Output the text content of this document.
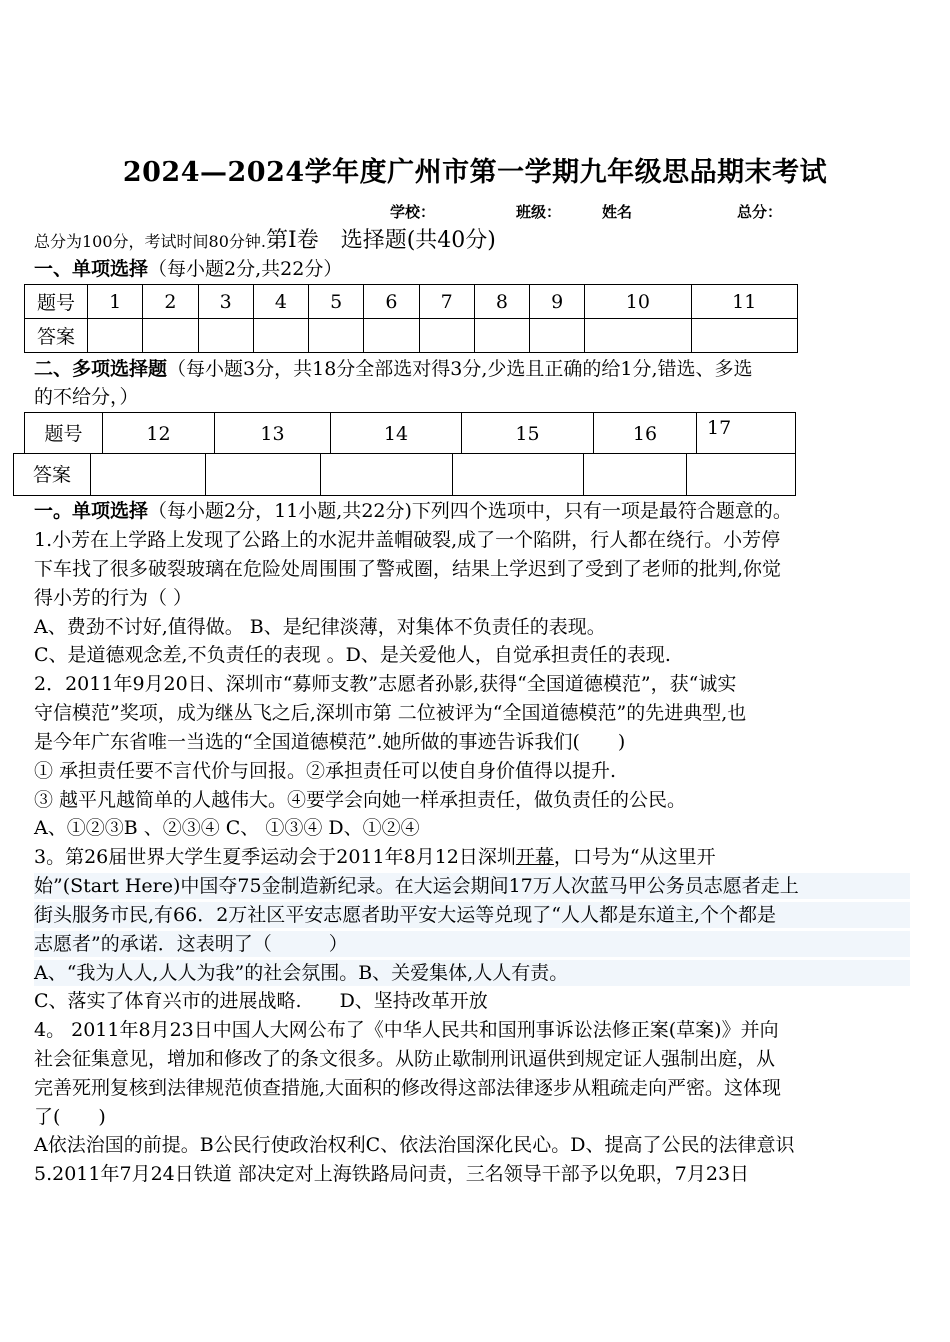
2024—2024学年度广州市第一学期九年级思品期末考试
学校：	班级：	姓名	总分：
总分为100分，考试时间80分钟.第Ⅰ卷　选择题(共40分)
一、单项选择（每小题2分,共22分）
题号	1	2	3	4	5	6	7	8	9	10	11
答案											
二、多项选择题（每小题3分，共18分全部选对得3分,少选且正确的给1分,错选、多选
的不给分，）
题号	12	13	14	15	16	17
答案
一。单项选择（每小题2分，11小题,共22分)下列四个选项中，只有一项是最符合题意的。
1.小芳在上学路上发现了公路上的水泥井盖帽破裂,成了一个陷阱，行人都在绕行。小芳停
下车找了很多破裂玻璃在危险处周围围了警戒圈，结果上学迟到了受到了老师的批判,你觉
得小芳的行为（ ）
A、费劲不讨好,值得做。 B、是纪律淡薄，对集体不负责任的表现。
C、是道德观念差,不负责任的表现 。D、是关爱他人，自觉承担责任的表现.
2．2011年9月20日、深圳市“募师支教”志愿者孙影,获得“全国道德模范”，获“诚实
守信模范”奖项，成为继丛飞之后,深圳市第 二位被评为“全国道德模范”的先进典型,也
是今年广东省唯一当选的“全国道德模范”.她所做的事迹告诉我们(　　)
① 承担责任要不言代价与回报。②承担责任可以使自身价值得以提升.
③ 越平凡越简单的人越伟大。④要学会向她一样承担责任，做负责任的公民。
A、①②③B 、②③④ C、 ①③④ D、①②④
3。第26届世界大学生夏季运动会于2011年8月12日深圳开幕，口号为“从这里开
始”(Start Here)中国夺75金制造新纪录。在大运会期间17万人次蓝马甲公务员志愿者走上
街头服务市民,有66．2万社区平安志愿者助平安大运等兑现了“人人都是东道主,个个都是
志愿者”的承诺．这表明了（　　　）
A、“我为人人,人人为我”的社会氛围。B、关爱集体,人人有责。
C、落实了体育兴市的进展战略.　　D、坚持改革开放
4。 2011年8月23日中国人大网公布了《中华人民共和国刑事诉讼法修正案(草案)》并向
社会征集意见，增加和修改了的条文很多。从防止歇制刑讯逼供到规定证人强制出庭，从
完善死刑复核到法律规范侦查措施,大面积的修改得这部法律逐步从粗疏走向严密。这体现
了(　　)
A依法治国的前提。B公民行使政治权利C、依法治国深化民心。D、提高了公民的法律意识
5.2011年7月24日铁道 部决定对上海铁路局问责，三名领导干部予以免职，7月23日
